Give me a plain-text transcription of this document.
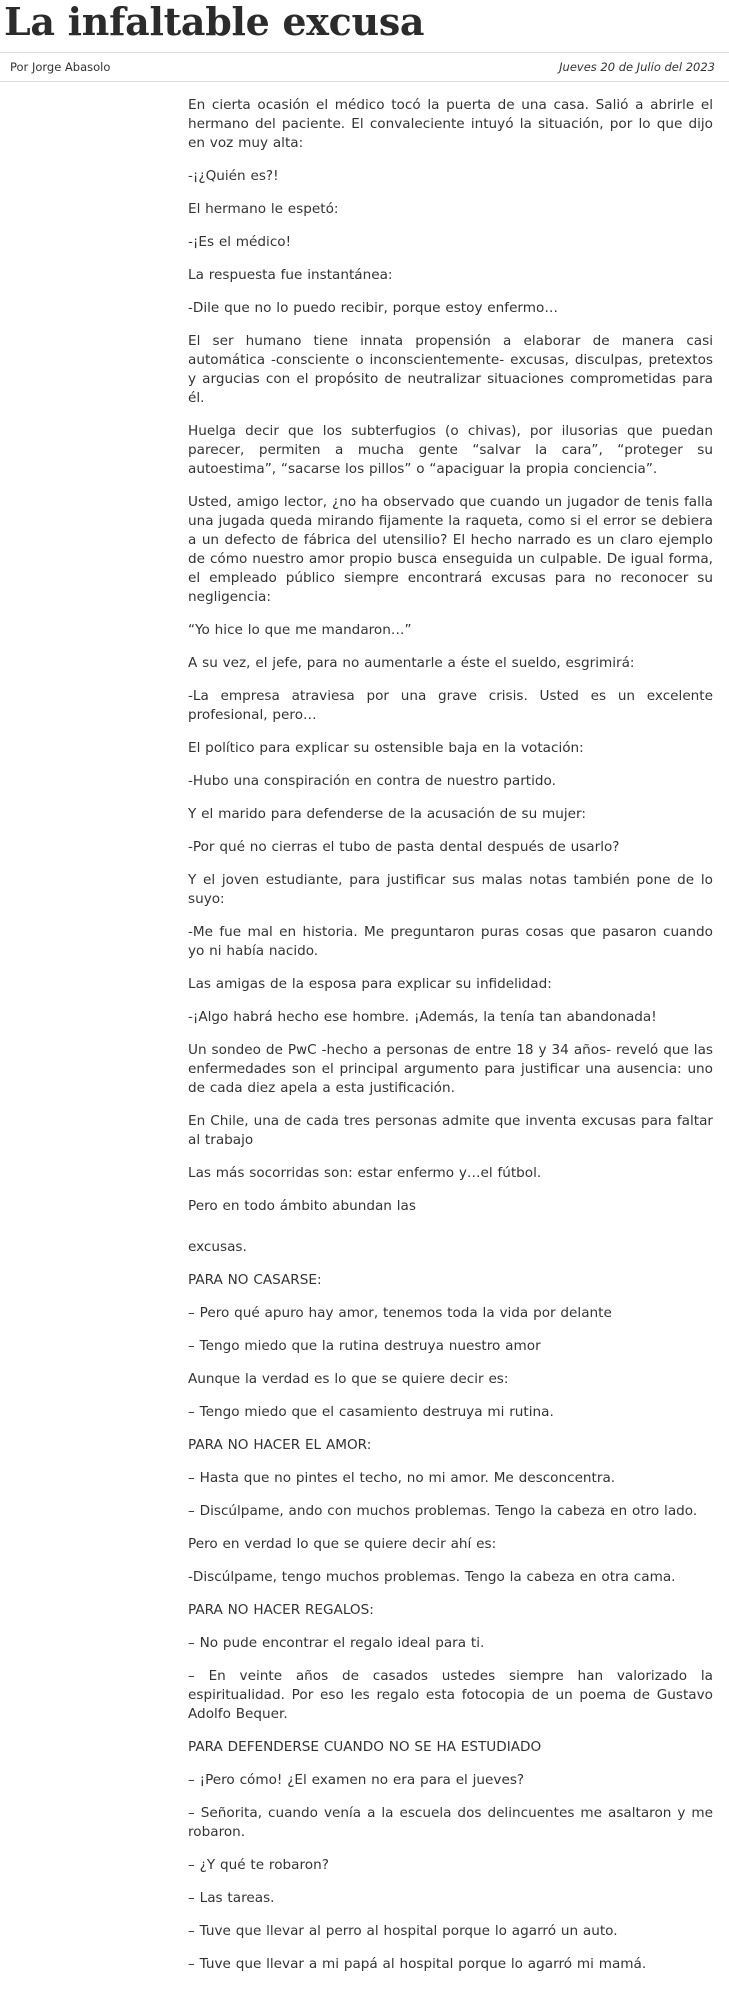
La infaltable excusa
Por Jorge Abasolo	Jueves 20 de Julio del 2023

En cierta ocasión el médico tocó la puerta de una casa. Salió a abrirle el hermano del paciente. El convaleciente intuyó la situación, por lo que dijo en voz muy alta:

-¡¿Quién es?!

El hermano le espetó:

-¡Es el médico!

La respuesta fue instantánea:

-Dile que no lo puedo recibir, porque estoy enfermo…

El ser humano tiene innata propensión a elaborar de manera casi automática -consciente o inconscientemente- excusas, disculpas, pretextos y argucias con el propósito de neutralizar situaciones comprometidas para él.

Huelga decir que los subterfugios (o chivas), por ilusorias que puedan parecer, permiten a mucha gente “salvar la cara”, “proteger su autoestima”, “sacarse los pillos” o “apaciguar la propia conciencia”.

Usted, amigo lector, ¿no ha observado que cuando un jugador de tenis falla una jugada queda mirando fijamente la raqueta, como si el error se debiera a un defecto de fábrica del utensilio? El hecho narrado es un claro ejemplo de cómo nuestro amor propio busca enseguida un culpable. De igual forma, el empleado público siempre encontrará excusas para no reconocer su negligencia:

“Yo hice lo que me mandaron…”

A su vez, el jefe, para no aumentarle a éste el sueldo, esgrimirá:

-La empresa atraviesa por una grave crisis. Usted es un excelente profesional, pero…

El político para explicar su ostensible baja en la votación:

-Hubo una conspiración en contra de nuestro partido.

Y el marido para defenderse de la acusación de su mujer:

-Por qué no cierras el tubo de pasta dental después de usarlo?

Y el joven estudiante, para justificar sus malas notas también pone de lo suyo:

-Me fue mal en historia. Me preguntaron puras cosas que pasaron cuando yo ni había nacido.

Las amigas de la esposa para explicar su infidelidad:

-¡Algo habrá hecho ese hombre. ¡Además, la tenía tan abandonada!

Un sondeo de PwC -hecho a personas de entre 18 y 34 años- reveló que las enfermedades son el principal argumento para justificar una ausencia: uno de cada diez apela a esta justificación.

En Chile, una de cada tres personas admite que inventa excusas para faltar al trabajo

Las más socorridas son: estar enfermo y…el fútbol.

Pero en todo ámbito abundan las

excusas.

PARA NO CASARSE:

– Pero qué apuro hay amor, tenemos toda la vida por delante

– Tengo miedo que la rutina destruya nuestro amor

Aunque la verdad es lo que se quiere decir es:

– Tengo miedo que el casamiento destruya mi rutina.

PARA NO HACER EL AMOR:

– Hasta que no pintes el techo, no mi amor. Me desconcentra.

– Discúlpame, ando con muchos problemas. Tengo la cabeza en otro lado.

Pero en verdad lo que se quiere decir ahí es:

-Discúlpame, tengo muchos problemas. Tengo la cabeza en otra cama.

PARA NO HACER REGALOS:

– No pude encontrar el regalo ideal para ti.

– En veinte años de casados ustedes siempre han valorizado la espiritualidad. Por eso les regalo esta fotocopia de un poema de Gustavo Adolfo Bequer.

PARA DEFENDERSE CUANDO NO SE HA ESTUDIADO

– ¡Pero cómo! ¿El examen no era para el jueves?

– Señorita, cuando venía a la escuela dos delincuentes me asaltaron y me robaron.

– ¿Y qué te robaron?

– Las tareas.

– Tuve que llevar al perro al hospital porque lo agarró un auto.

– Tuve que llevar a mi papá al hospital porque lo agarró mi mamá.
